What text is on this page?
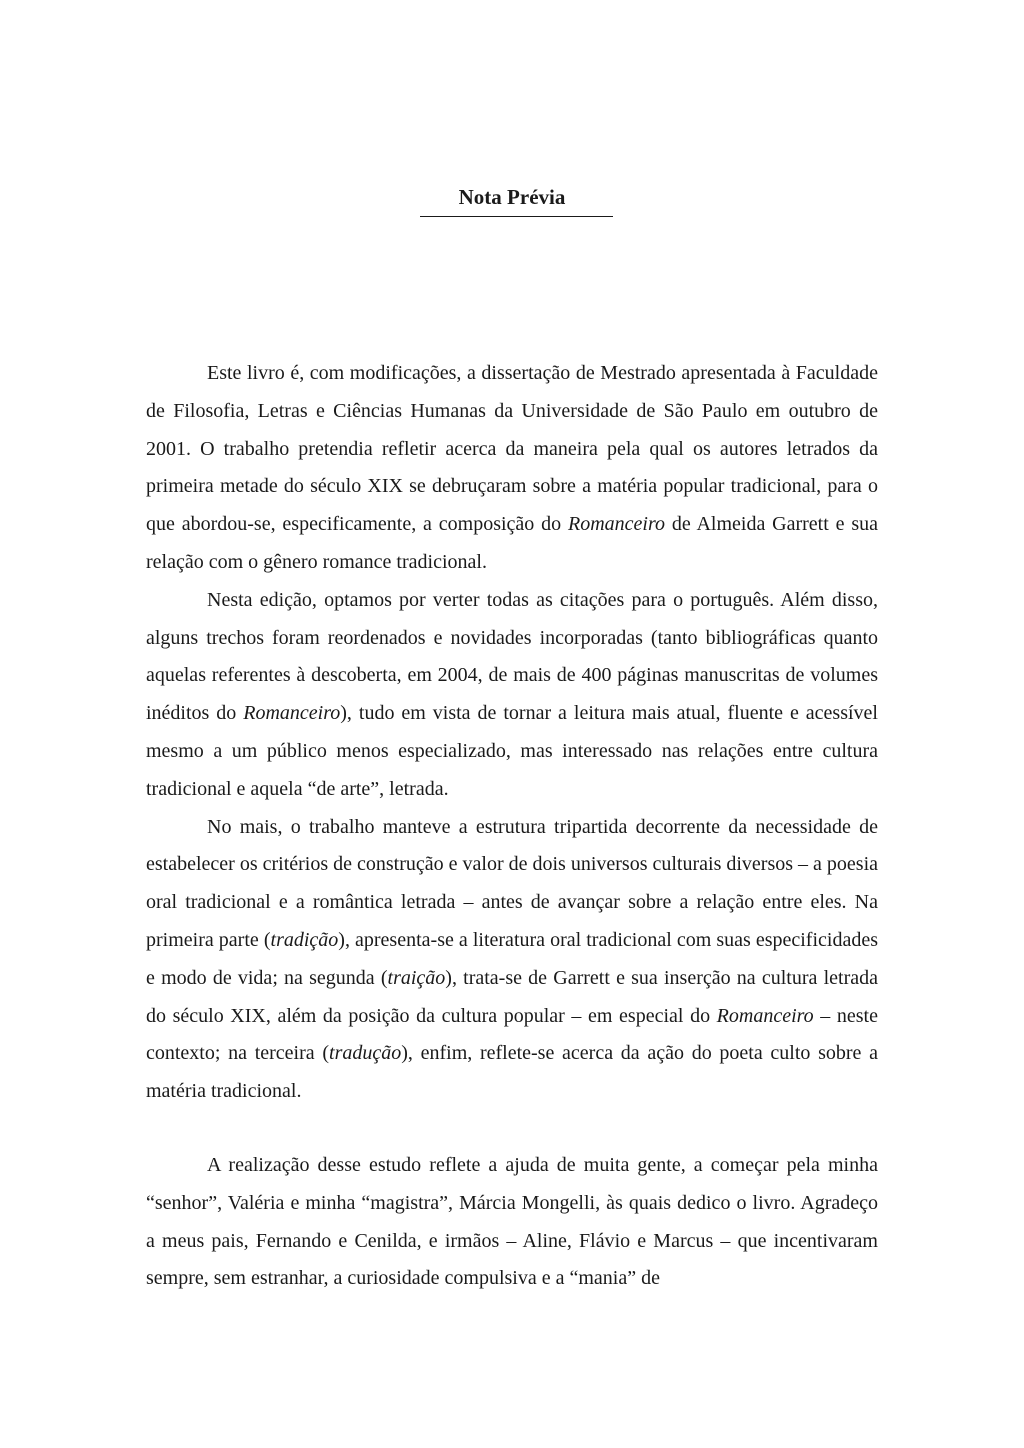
Nota Prévia

Este livro é, com modificações, a dissertação de Mestrado apresentada à Faculdade de Filosofia, Letras e Ciências Humanas da Universidade de São Paulo em outubro de 2001. O trabalho pretendia refletir acerca da maneira pela qual os autores letrados da primeira metade do século XIX se debruçaram sobre a matéria popular tradicional, para o que abordou-se, especificamente, a composição do Romanceiro de Almeida Garrett e sua relação com o gênero romance tradicional.

Nesta edição, optamos por verter todas as citações para o português. Além disso, alguns trechos foram reordenados e novidades incorporadas (tanto bibliográficas quanto aquelas referentes à descoberta, em 2004, de mais de 400 páginas manuscritas de volumes inéditos do Romanceiro), tudo em vista de tornar a leitura mais atual, fluente e acessível mesmo a um público menos especializado, mas interessado nas relações entre cultura tradicional e aquela “de arte”, letrada.

No mais, o trabalho manteve a estrutura tripartida decorrente da necessidade de estabelecer os critérios de construção e valor de dois universos culturais diversos – a poesia oral tradicional e a romântica letrada – antes de avançar sobre a relação entre eles. Na primeira parte (tradição), apresenta-se a literatura oral tradicional com suas especificidades e modo de vida; na segunda (traição), trata-se de Garrett e sua inserção na cultura letrada do século XIX, além da posição da cultura popular – em especial do Romanceiro – neste contexto; na terceira (tradução), enfim, reflete-se acerca da ação do poeta culto sobre a matéria tradicional.

A realização desse estudo reflete a ajuda de muita gente, a começar pela minha “senhor”, Valéria e minha “magistra”, Márcia Mongelli, às quais dedico o livro. Agradeço a meus pais, Fernando e Cenilda, e irmãos – Aline, Flávio e Marcus – que incentivaram sempre, sem estranhar, a curiosidade compulsiva e a “mania” de
